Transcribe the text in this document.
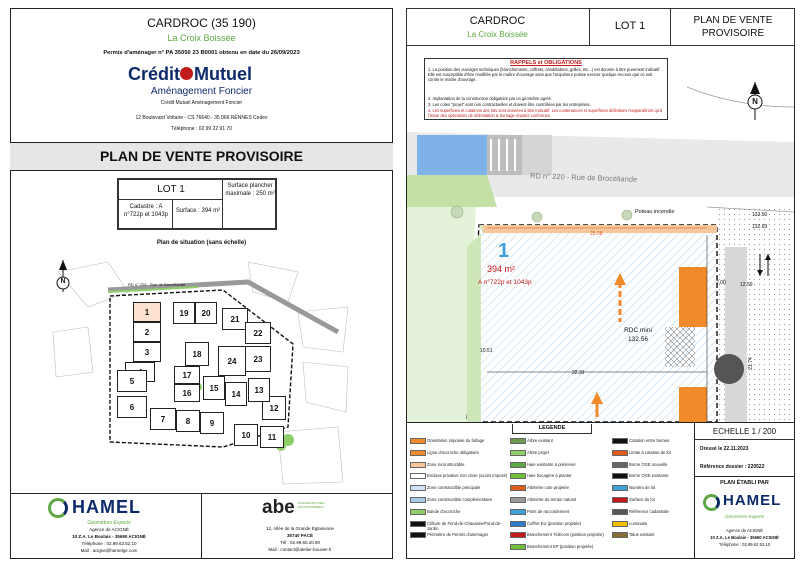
CARDROC (35 190)
La Croix Boissée
Permis d'aménager n° PA 35050 23 B0001 obtenu en date du 26/09/2023
Crédit Mutuel
Aménagement Foncier
Crédit Mutuel Aménagement Foncier
12 Boulevard Voltaire - CS 76640 - 35 066 RENNES Cedex
Téléphone : 02 99 22 91 70
PLAN DE VENTE PROVISOIRE
LOT 1	Surface plancher maximale : 250 m²
Cadastre : A n°722p et 1043p
Surface : 394 m²
Plan de situation (sans échelle)
RD n° 220 - Rue de Brocéliande
19	20
21
22
23
24
1
2
3
5
6
7	8	9
10	11
12
13
14
15
16
17
18
N
HAMEL
Géomètres-Experts
Agence de ACIGNÉ
10 Z.A. Le Boulais - 35690 ACIGNÉ
Téléphone : 02.99.62.52.10
Mail : acigne@hamelge.com
abe ATELIER BOUVIER ENVIRONNEMENT
12, Allée de la Grande Églaisonne
35740 PACÉ
Tél : 02.99.60.20.80
Mail : contact@atelier-bouvier.fr
CARDROC
La Croix Boissée
LOT 1	PLAN DE VENTE PROVISOIRE
RAPPELS et OBLIGATIONS
1. La position des ouvrages techniques (branchements, coffrets, candélabres, grilles, etc...) est donnée à titre purement indicatif. Elle est susceptible d'être modifiée par le maître d'ouvrage sans que l'acquéreur puisse exercer quelque recours que ce soit contre le maître d'ouvrage.
2. Implantation de la construction obligatoire par un géomètre agréé.
3. Les cotes "projet" sont non contractuelles et doivent être contrôlées par les entreprises.
4. Les superficies et cotations des lots sont données à titre indicatif. Les contenances et superficies définitives n'apparaîtront qu'à l'issue des opérations de délimitation & bornage réputés conformes.
N
RD n° 220 - Rue de Brocéliande
Poteau incendie
1
394 m²
A n°722p et 1043p
RDC mini
132.56
25.08
2.00
22.31
12.59
21.74
132.50
132.93
10.51
LEGENDE
Orientation imposée du faîtage
Ligne d'accroche obligatoire
Zone inconstructible
Enclave privative non close (accès imposé)
Zone constructible principale
Zone constructible complémentaire
Bande d'accroche
Clôture de Fond-de-Chaussée/Fond-de-Jardin
Périmètre de Permis d'aménager
Arbre existant
Arbre projet
Haie existante à préserver
Haie bocagère à planter
Altimètre cote projetée
Altimètre du terrain naturel
Point de raccordement
Coffret EU (position projetée)
Branchement Télécom (position projetée)
Branchement EP (position projetée)
Cotation entre bornes
Limite à cotation de lot
Borne OGE nouvelle
Borne OGE existante
Numéro de lot
Surface du lot
Référence cadastrale
Luminaire
Talus existant
ECHELLE 1 / 200
Dressé le 22.11.2023
Référence dossier : 220522
PLAN ÉTABLI PAR
HAMEL
Géomètres-Experts
Agence de ACIGNÉ
10 Z.A. Le Boulais - 35690 ACIGNÉ
Téléphone : 02.99.62.52.10
